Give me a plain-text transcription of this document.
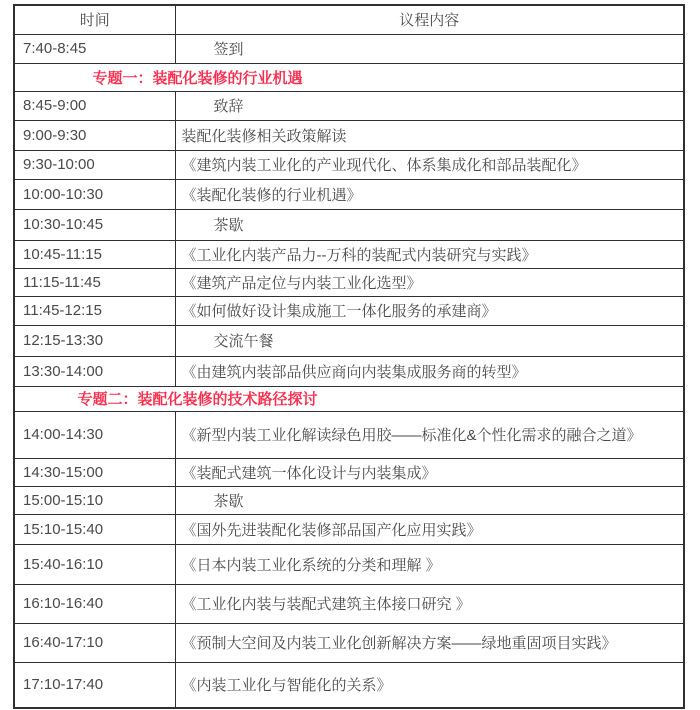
时间	议程内容
7:40-8:45	签到
专题一：装配化装修的行业机遇	
8:45-9:00	致辞
9:00-9:30	装配化装修相关政策解读
9:30-10:00	《建筑内装工业化的产业现代化、体系集成化和部品装配化》
10:00-10:30	《装配化装修的行业机遇》
10:30-10:45	茶歇
10:45-11:15	《工业化内装产品力--万科的装配式内装研究与实践》
11:15-11:45	《建筑产品定位与内装工业化选型》
11:45-12:15	《如何做好设计集成施工一体化服务的承建商》
12:15-13:30	交流午餐
13:30-14:00	《由建筑内装部品供应商向内装集成服务商的转型》
专题二：装配化装修的技术路径探讨	
14:00-14:30	《新型内装工业化解读绿色用胶——标准化&个性化需求的融合之道》
14:30-15:00	《装配式建筑一体化设计与内装集成》
15:00-15:10	茶歇
15:10-15:40	《国外先进装配化装修部品国产化应用实践》
15:40-16:10	《日本内装工业化系统的分类和理解 》
16:10-16:40	《工业化内装与装配式建筑主体接口研究 》
16:40-17:10	《预制大空间及内装工业化创新解决方案——绿地重固项目实践》
17:10-17:40	《内装工业化与智能化的关系》
